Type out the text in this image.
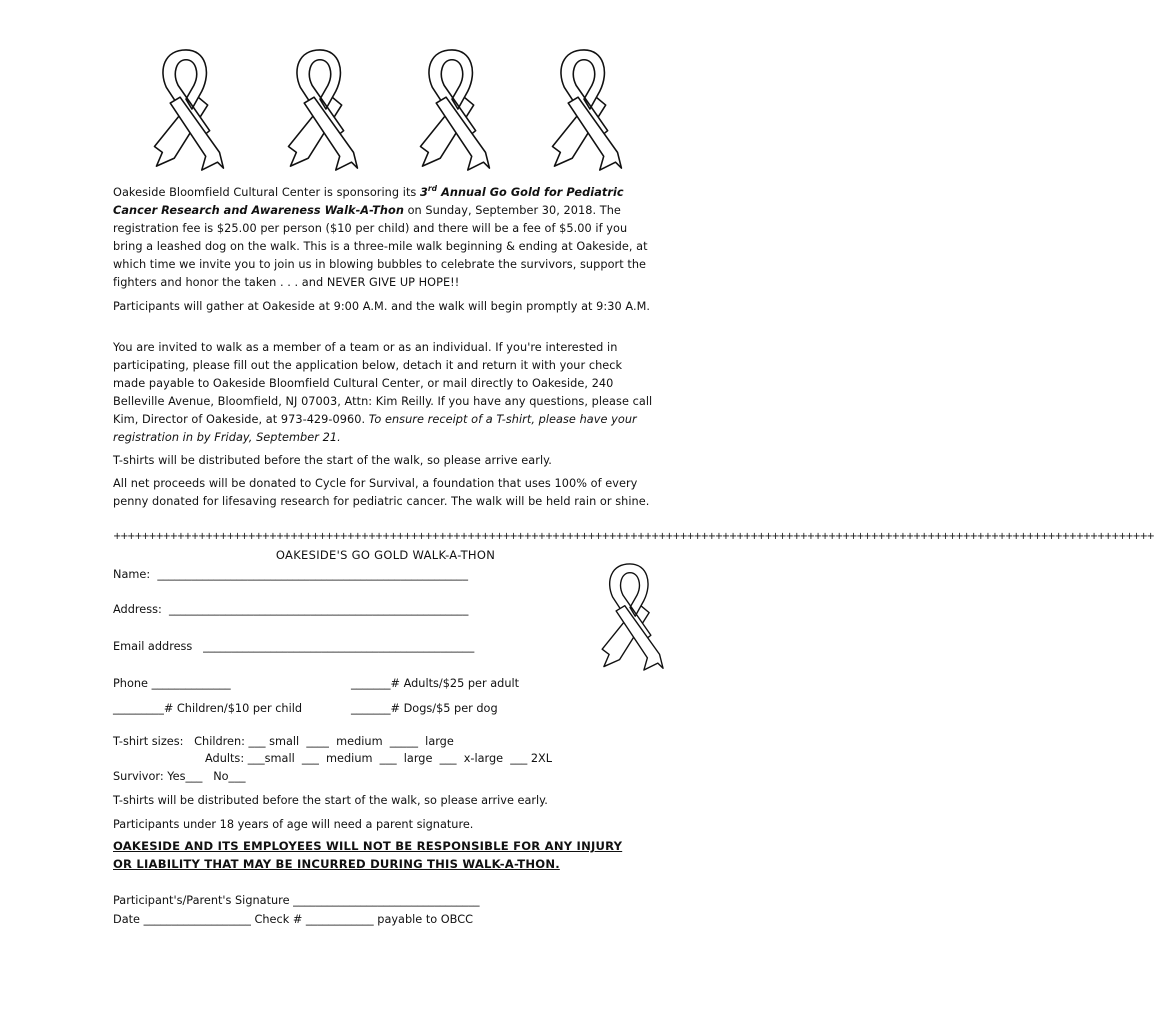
Oakeside Bloomfield Cultural Center is sponsoring its 3rd Annual Go Gold for Pediatric Cancer Research and Awareness Walk-A-Thon on Sunday, September 30, 2018. The registration fee is $25.00 per person ($10 per child) and there will be a fee of $5.00 if you bring a leashed dog on the walk. This is a three-mile walk beginning & ending at Oakeside, at which time we invite you to join us in blowing bubbles to celebrate the survivors, support the fighters and honor the taken . . . and NEVER GIVE UP HOPE!!

Participants will gather at Oakeside at 9:00 A.M. and the walk will begin promptly at 9:30 A.M.

You are invited to walk as a member of a team or as an individual. If you're interested in participating, please fill out the application below, detach it and return it with your check made payable to Oakeside Bloomfield Cultural Center, or mail directly to Oakeside, 240 Belleville Avenue, Bloomfield, NJ 07003, Attn: Kim Reilly. If you have any questions, please call Kim, Director of Oakeside, at 973-429-0960. To ensure receipt of a T-shirt, please have your registration in by Friday, September 21.

T-shirts will be distributed before the start of the walk, so please arrive early.

All net proceeds will be donated to Cycle for Survival, a foundation that uses 100% of every penny donated for lifesaving research for pediatric cancer. The walk will be held rain or shine.

+++++++++++++++++++++++++++++++++++++++++++++++++++++++++++++++++++++++++++++++++++++++++++++++++++++++++++++++++++++++++++++++++++++++++++++++++++
OAKESIDE'S GO GOLD WALK-A-THON
Name:  _______________________________________________________
Address:  _____________________________________________________
Email address   ________________________________________________
Phone ______________	_______# Adults/$25 per adult
_________# Children/$10 per child	_______# Dogs/$5 per dog
T-shirt sizes:   Children: ___ small  ____  medium  _____  large
Adults: ___small  ___  medium  ___  large  ___  x-large  ___ 2XL
Survivor: Yes___   No___
T-shirts will be distributed before the start of the walk, so please arrive early.
Participants under 18 years of age will need a parent signature.
OAKESIDE AND ITS EMPLOYEES WILL NOT BE RESPONSIBLE FOR ANY INJURY
OR LIABILITY THAT MAY BE INCURRED DURING THIS WALK-A-THON.
Participant's/Parent's Signature _________________________________
Date ___________________ Check # ____________ payable to OBCC
